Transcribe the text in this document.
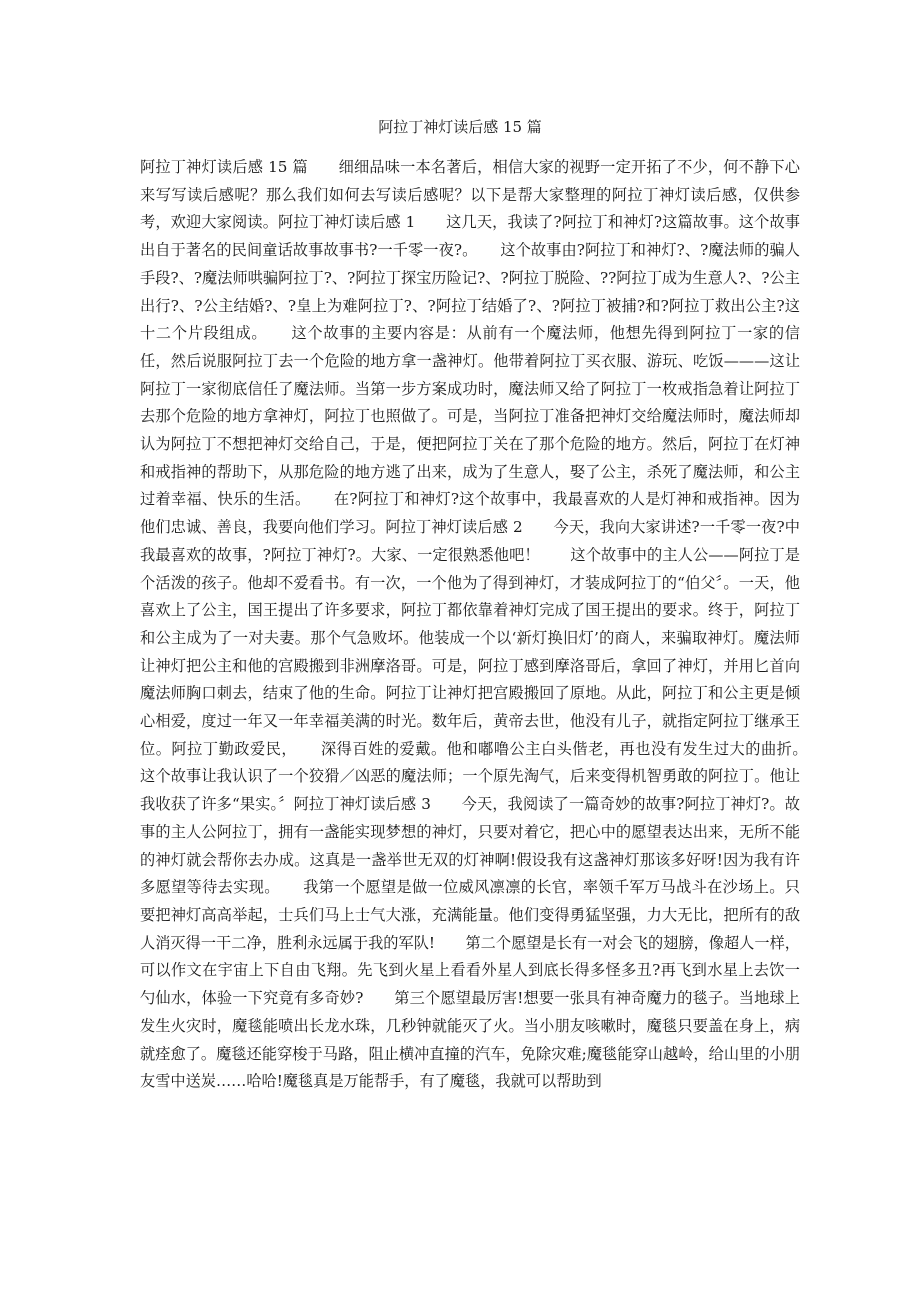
阿拉丁神灯读后感 15 篇
阿拉丁神灯读后感 15 篇　　细细品味一本名著后，相信大家的视野一定开拓了不少，何不静下心来写写读后感呢？那么我们如何去写读后感呢？以下是帮大家整理的阿拉丁神灯读后感，仅供参考，欢迎大家阅读。阿拉丁神灯读后感 1　　这几天，我读了?阿拉丁和神灯?这篇故事。这个故事出自于著名的民间童话故事故事书?一千零一夜?。　　这个故事由?阿拉丁和神灯?、?魔法师的骗人手段?、?魔法师哄骗阿拉丁?、?阿拉丁探宝历险记?、?阿拉丁脱险、??阿拉丁成为生意人?、?公主出行?、?公主结婚?、?皇上为难阿拉丁?、?阿拉丁结婚了?、?阿拉丁被捕?和?阿拉丁救出公主?这十二个片段组成。　　这个故事的主要内容是：从前有一个魔法师，他想先得到阿拉丁一家的信任，然后说服阿拉丁去一个危险的地方拿一盏神灯。他带着阿拉丁买衣服、游玩、吃饭———这让阿拉丁一家彻底信任了魔法师。当第一步方案成功时，魔法师又给了阿拉丁一枚戒指急着让阿拉丁去那个危险的地方拿神灯，阿拉丁也照做了。可是，当阿拉丁准备把神灯交给魔法师时，魔法师却认为阿拉丁不想把神灯交给自己，于是，便把阿拉丁关在了那个危险的地方。然后，阿拉丁在灯神和戒指神的帮助下，从那危险的地方逃了出来，成为了生意人，娶了公主，杀死了魔法师，和公主过着幸福、快乐的生活。　　在?阿拉丁和神灯?这个故事中，我最喜欢的人是灯神和戒指神。因为他们忠诚、善良，我要向他们学习。阿拉丁神灯读后感 2　　今天，我向大家讲述?一千零一夜?中我最喜欢的故事，?阿拉丁神灯?。大家、一定很熟悉他吧！　　这个故事中的主人公——阿拉丁是个活泼的孩子。他却不爱看书。有一次，一个他为了得到神灯，才装成阿拉丁的“伯父〞。一天，他喜欢上了公主，国王提出了许多要求，阿拉丁都依靠着神灯完成了国王提出的要求。终于，阿拉丁和公主成为了一对夫妻。那个气急败坏。他装成一个以‘新灯换旧灯’的商人，来骗取神灯。魔法师让神灯把公主和他的宫殿搬到非洲摩洛哥。可是，阿拉丁感到摩洛哥后，拿回了神灯，并用匕首向魔法师胸口刺去，结束了他的生命。阿拉丁让神灯把宫殿搬回了原地。从此，阿拉丁和公主更是倾心相爱，度过一年又一年幸福美满的时光。数年后，黄帝去世，他没有儿子，就指定阿拉丁继承王位。阿拉丁勤政爱民，　　深得百姓的爱戴。他和嘟噜公主白头偕老，再也没有发生过大的曲折。　　这个故事让我认识了一个狡猾／凶恶的魔法师；一个原先淘气，后来变得机智勇敢的阿拉丁。他让我收获了许多“果实。〞阿拉丁神灯读后感 3　　今天，我阅读了一篇奇妙的故事?阿拉丁神灯?。故事的主人公阿拉丁，拥有一盏能实现梦想的神灯，只要对着它，把心中的愿望表达出来，无所不能的神灯就会帮你去办成。这真是一盏举世无双的灯神啊!假设我有这盏神灯那该多好呀!因为我有许多愿望等待去实现。　　我第一个愿望是做一位威风凛凛的长官，率领千军万马战斗在沙场上。只要把神灯高高举起，士兵们马上士气大涨，充满能量。他们变得勇猛坚强，力大无比，把所有的敌人消灭得一干二净，胜利永远属于我的军队!　　第二个愿望是长有一对会飞的翅膀，像超人一样，可以作文在宇宙上下自由飞翔。先飞到火星上看看外星人到底长得多怪多丑?再飞到水星上去饮一勺仙水，体验一下究竟有多奇妙?　　第三个愿望最厉害!想要一张具有神奇魔力的毯子。当地球上发生火灾时，魔毯能喷出长龙水珠，几秒钟就能灭了火。当小朋友咳嗽时，魔毯只要盖在身上，病就痊愈了。魔毯还能穿梭于马路，阻止横冲直撞的汽车，免除灾难;魔毯能穿山越岭，给山里的小朋友雪中送炭……哈哈!魔毯真是万能帮手，有了魔毯，我就可以帮助到
